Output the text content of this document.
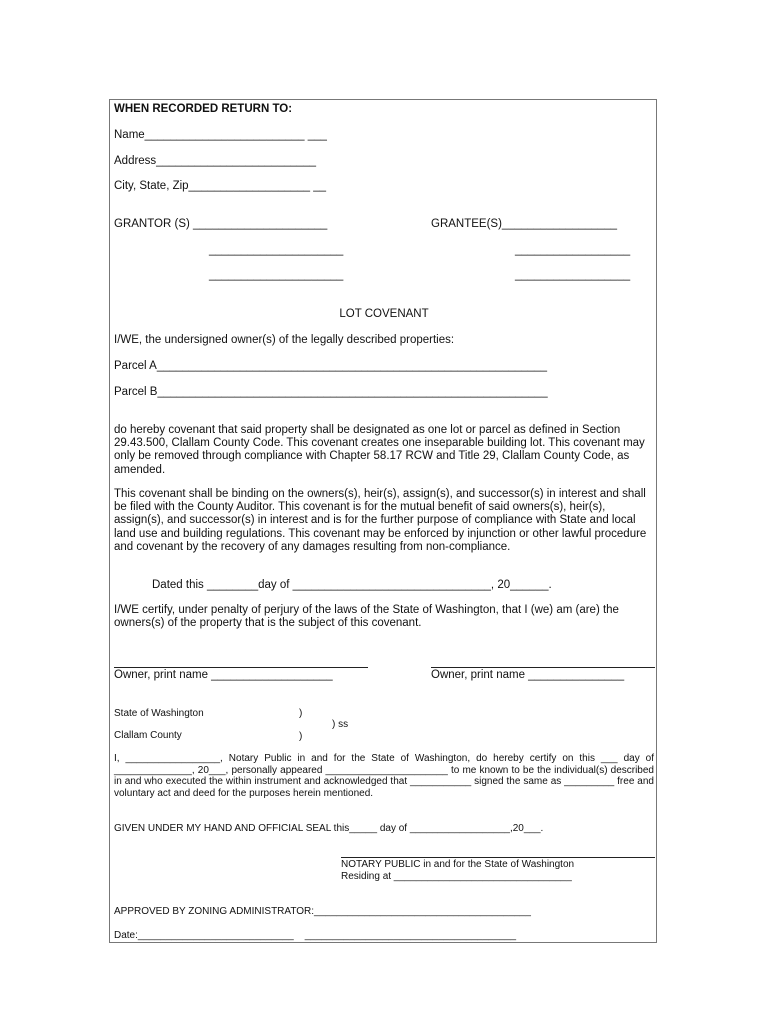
WHEN RECORDED RETURN TO:
Name_________________________ ___
Address_________________________
City, State, Zip___________________ __
GRANTOR (S) _____________________	GRANTEE(S)__________________
_____________________	__________________
_____________________	__________________
LOT COVENANT
I/WE, the undersigned owner(s) of the legally described properties:
Parcel A_____________________________________________________________
Parcel B_____________________________________________________________
do hereby covenant that said property shall be designated as one lot or parcel as defined in Section 29.43.500, Clallam County Code. This covenant creates one inseparable building lot. This covenant may only be removed through compliance with Chapter 58.17 RCW and Title 29, Clallam County Code, as amended.
This covenant shall be binding on the owners(s), heir(s), assign(s), and successor(s) in interest and shall be filed with the County Auditor. This covenant is for the mutual benefit of said owners(s), heir(s), assign(s), and successor(s) in interest and is for the further purpose of compliance with State and local land use and building regulations. This covenant may be enforced by injunction or other lawful procedure and covenant by the recovery of any damages resulting from non-compliance.
Dated this ________day of _______________________________, 20______.
I/WE certify, under penalty of perjury of the laws of the State of Washington, that I (we) am (are) the owners(s) of the property that is the subject of this covenant.
Owner, print name ___________________	Owner, print name _______________
State of Washington	)
) ss
Clallam County	)
I, _________________, Notary Public in and for the State of Washington, do hereby certify on this ___ day of ______________, 20___, personally appeared ______________________ to me known to be the individual(s) described in and who executed the within instrument and acknowledged that ___________ signed the same as _________ free and voluntary act and deed for the purposes herein mentioned.
GIVEN UNDER MY HAND AND OFFICIAL SEAL this_____ day of __________________,20___.
NOTARY PUBLIC in and for the State of Washington
Residing at ________________________________
APPROVED BY ZONING ADMINISTRATOR:_______________________________________
Date:____________________________    ______________________________________
